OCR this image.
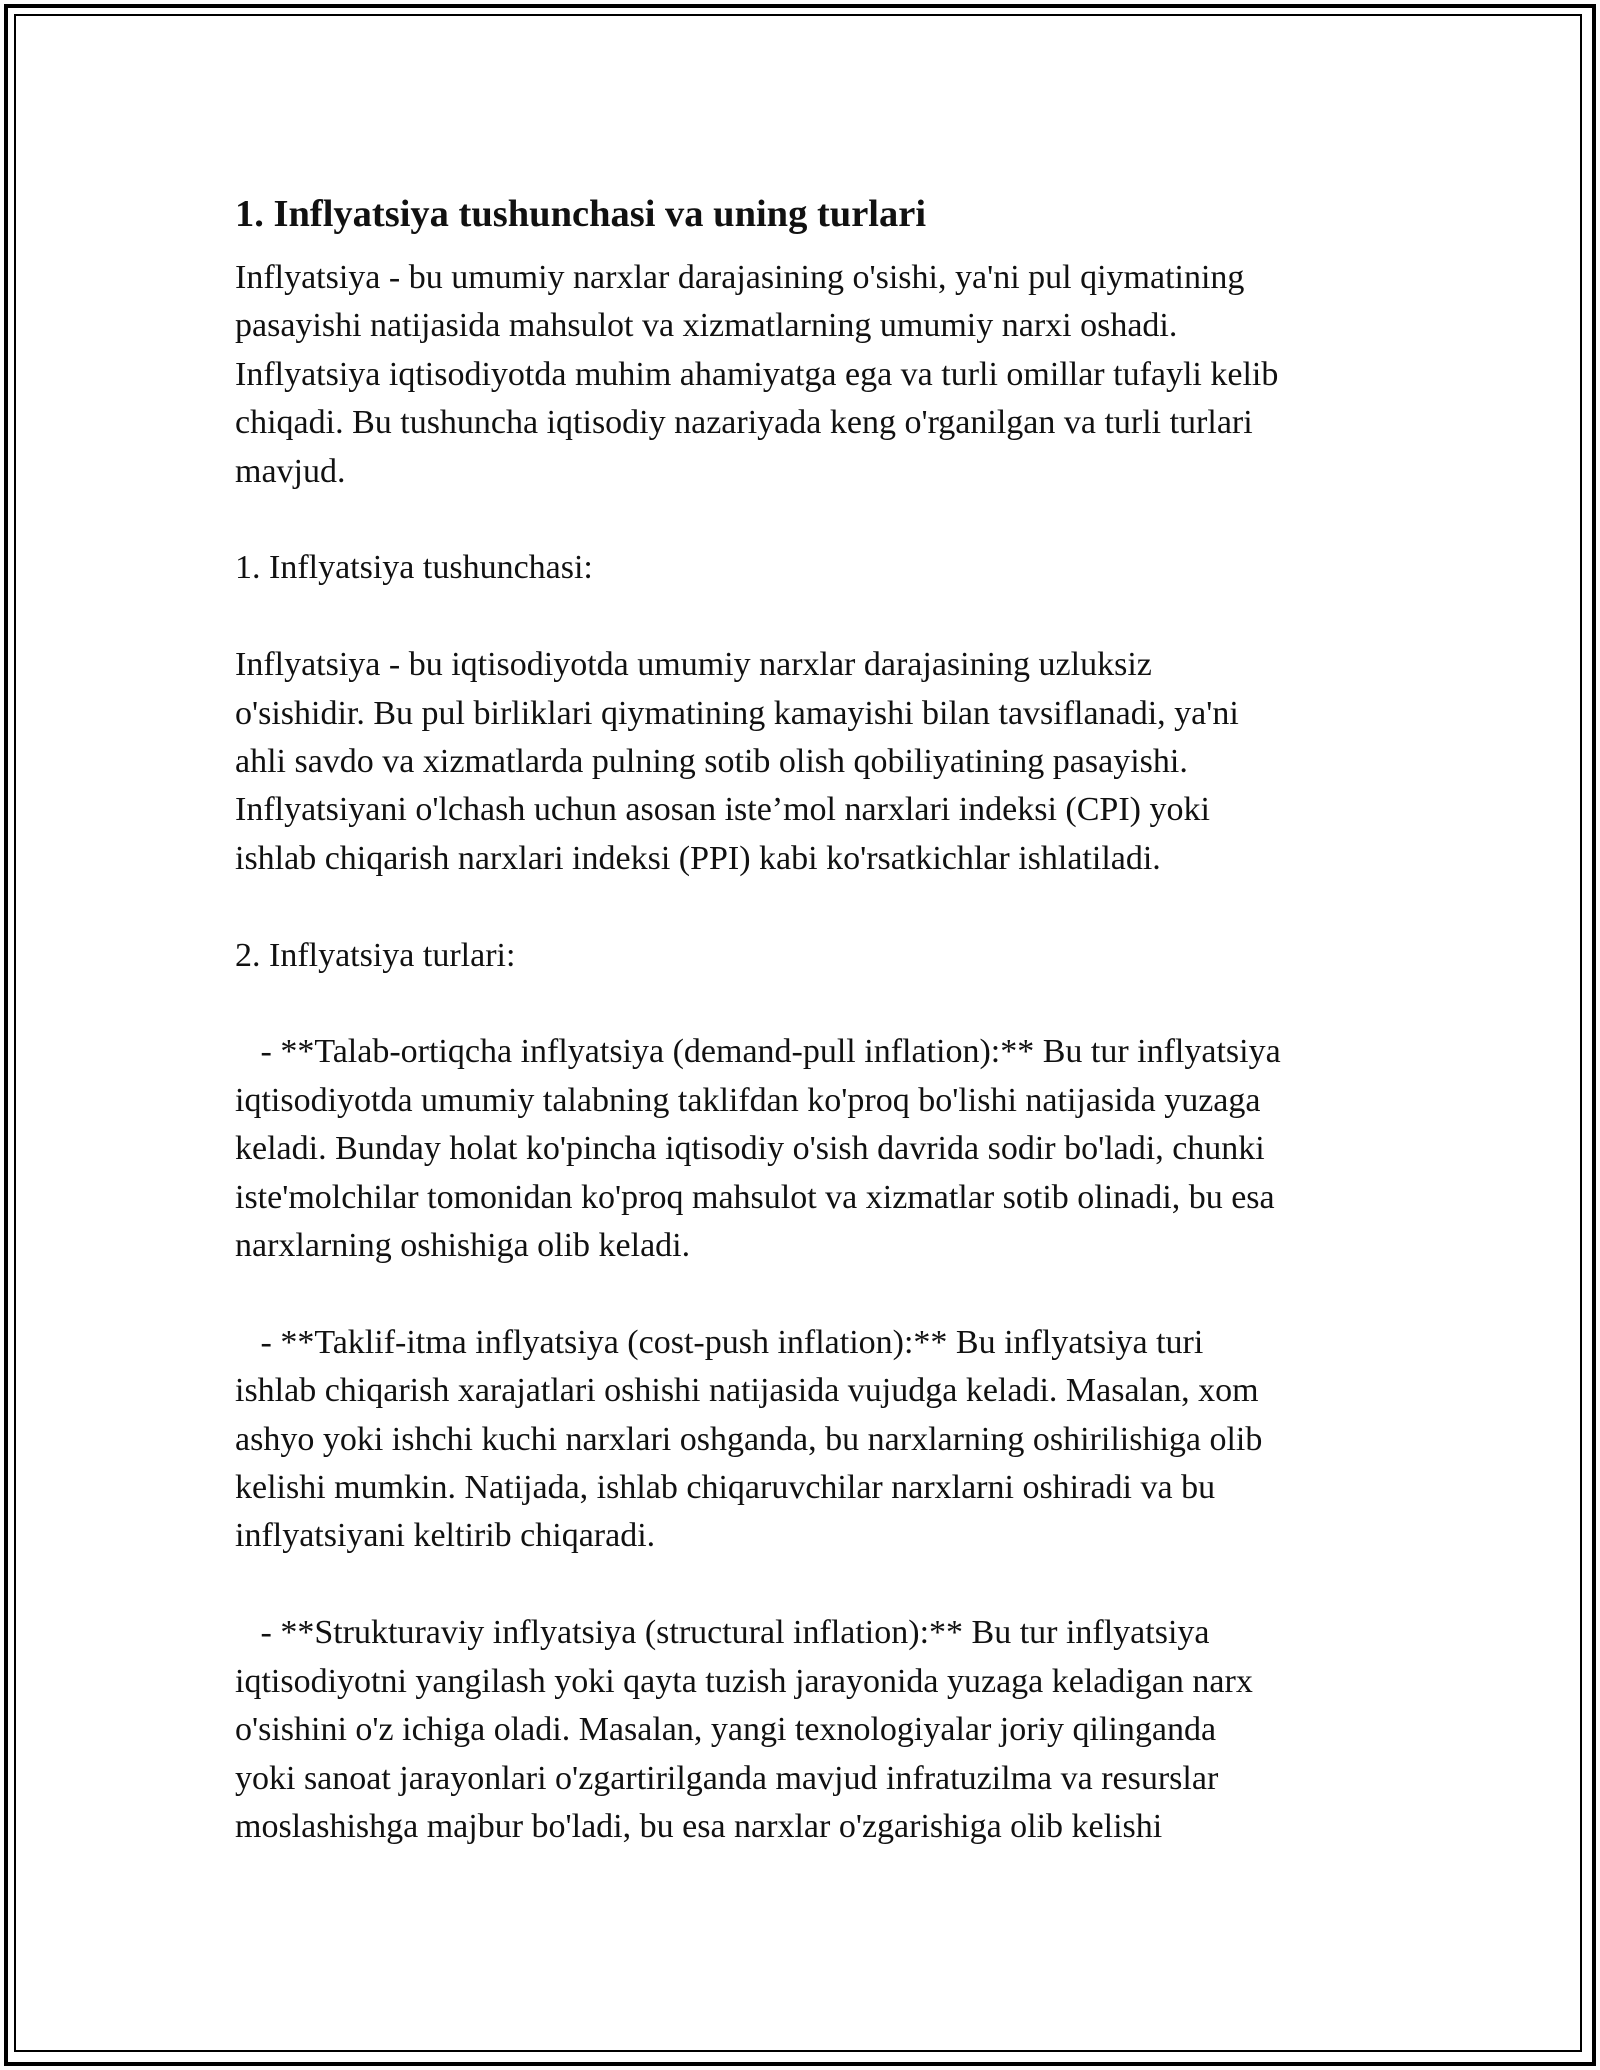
1. Inflyatsiya tushunchasi va uning turlari

Inflyatsiya - bu umumiy narxlar darajasining o'sishi, ya'ni pul qiymatining

pasayishi natijasida mahsulot va xizmatlarning umumiy narxi oshadi.

Inflyatsiya iqtisodiyotda muhim ahamiyatga ega va turli omillar tufayli kelib

chiqadi. Bu tushuncha iqtisodiy nazariyada keng o'rganilgan va turli turlari

mavjud.

1. Inflyatsiya tushunchasi:

Inflyatsiya - bu iqtisodiyotda umumiy narxlar darajasining uzluksiz

o'sishidir. Bu pul birliklari qiymatining kamayishi bilan tavsiflanadi, ya'ni

ahli savdo va xizmatlarda pulning sotib olish qobiliyatining pasayishi.

Inflyatsiyani o'lchash uchun asosan iste’mol narxlari indeksi (CPI) yoki

ishlab chiqarish narxlari indeksi (PPI) kabi ko'rsatkichlar ishlatiladi.

2. Inflyatsiya turlari:

- **Talab-ortiqcha inflyatsiya (demand-pull inflation):** Bu tur inflyatsiya

iqtisodiyotda umumiy talabning taklifdan ko'proq bo'lishi natijasida yuzaga

keladi. Bunday holat ko'pincha iqtisodiy o'sish davrida sodir bo'ladi, chunki

iste'molchilar tomonidan ko'proq mahsulot va xizmatlar sotib olinadi, bu esa

narxlarning oshishiga olib keladi.

- **Taklif-itma inflyatsiya (cost-push inflation):** Bu inflyatsiya turi

ishlab chiqarish xarajatlari oshishi natijasida vujudga keladi. Masalan, xom

ashyo yoki ishchi kuchi narxlari oshganda, bu narxlarning oshirilishiga olib

kelishi mumkin. Natijada, ishlab chiqaruvchilar narxlarni oshiradi va bu

inflyatsiyani keltirib chiqaradi.

- **Strukturaviy inflyatsiya (structural inflation):** Bu tur inflyatsiya

iqtisodiyotni yangilash yoki qayta tuzish jarayonida yuzaga keladigan narx

o'sishini o'z ichiga oladi. Masalan, yangi texnologiyalar joriy qilinganda

yoki sanoat jarayonlari o'zgartirilganda mavjud infratuzilma va resurslar

moslashishga majbur bo'ladi, bu esa narxlar o'zgarishiga olib kelishi
